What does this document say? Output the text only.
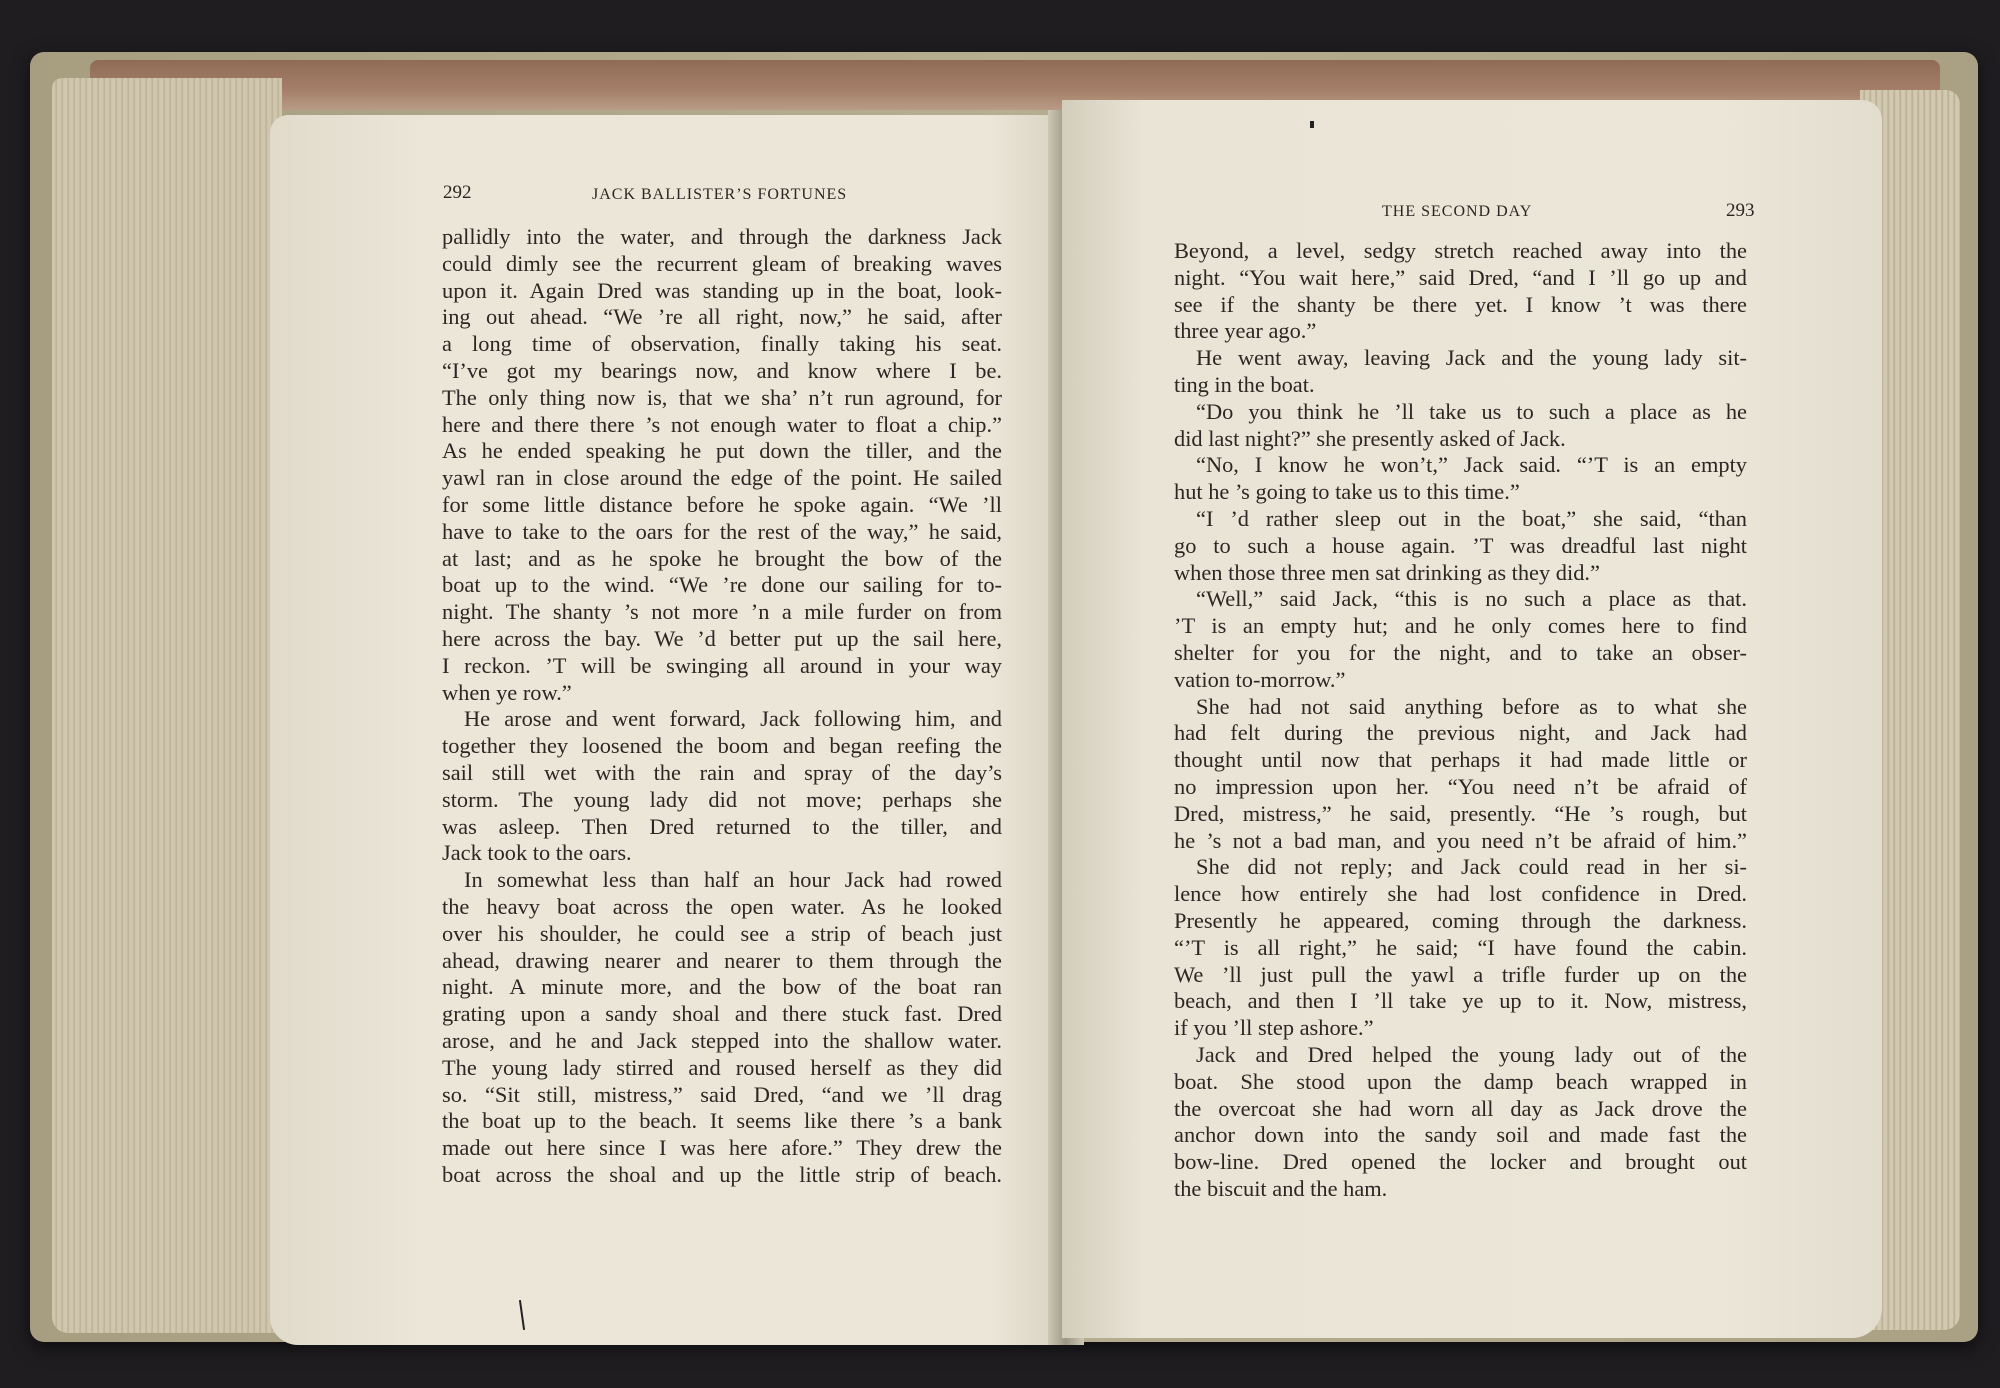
292	JACK BALLISTER’S FORTUNES
pallidly into the water, and through the darkness Jack
could dimly see the recurrent gleam of breaking waves
upon it. Again Dred was standing up in the boat, look-
ing out ahead. “We ’re all right, now,” he said, after
a long time of observation, finally taking his seat.
“I’ve got my bearings now, and know where I be.
The only thing now is, that we sha’ n’t run aground, for
here and there there ’s not enough water to float a chip.”
As he ended speaking he put down the tiller, and the
yawl ran in close around the edge of the point. He sailed
for some little distance before he spoke again. “We ’ll
have to take to the oars for the rest of the way,” he said,
at last; and as he spoke he brought the bow of the
boat up to the wind. “We ’re done our sailing for to-
night. The shanty ’s not more ’n a mile furder on from
here across the bay. We ’d better put up the sail here,
I reckon. ’T will be swinging all around in your way
when ye row.”
He arose and went forward, Jack following him, and
together they loosened the boom and began reefing the
sail still wet with the rain and spray of the day’s
storm. The young lady did not move; perhaps she
was asleep. Then Dred returned to the tiller, and
Jack took to the oars.
In somewhat less than half an hour Jack had rowed
the heavy boat across the open water. As he looked
over his shoulder, he could see a strip of beach just
ahead, drawing nearer and nearer to them through the
night. A minute more, and the bow of the boat ran
grating upon a sandy shoal and there stuck fast. Dred
arose, and he and Jack stepped into the shallow water.
The young lady stirred and roused herself as they did
so. “Sit still, mistress,” said Dred, “and we ’ll drag
the boat up to the beach. It seems like there ’s a bank
made out here since I was here afore.” They drew the
boat across the shoal and up the little strip of beach.
THE SECOND DAY	293
Beyond, a level, sedgy stretch reached away into the
night. “You wait here,” said Dred, “and I ’ll go up and
see if the shanty be there yet. I know ’t was there
three year ago.”
He went away, leaving Jack and the young lady sit-
ting in the boat.
“Do you think he ’ll take us to such a place as he
did last night?” she presently asked of Jack.
“No, I know he won’t,” Jack said. “’T is an empty
hut he ’s going to take us to this time.”
“I ’d rather sleep out in the boat,” she said, “than
go to such a house again. ’T was dreadful last night
when those three men sat drinking as they did.”
“Well,” said Jack, “this is no such a place as that.
’T is an empty hut; and he only comes here to find
shelter for you for the night, and to take an obser-
vation to-morrow.”
She had not said anything before as to what she
had felt during the previous night, and Jack had
thought until now that perhaps it had made little or
no impression upon her. “You need n’t be afraid of
Dred, mistress,” he said, presently. “He ’s rough, but
he ’s not a bad man, and you need n’t be afraid of him.”
She did not reply; and Jack could read in her si-
lence how entirely she had lost confidence in Dred.
Presently he appeared, coming through the darkness.
“’T is all right,” he said; “I have found the cabin.
We ’ll just pull the yawl a trifle furder up on the
beach, and then I ’ll take ye up to it. Now, mistress,
if you ’ll step ashore.”
Jack and Dred helped the young lady out of the
boat. She stood upon the damp beach wrapped in
the overcoat she had worn all day as Jack drove the
anchor down into the sandy soil and made fast the
bow-line. Dred opened the locker and brought out
the biscuit and the ham.
